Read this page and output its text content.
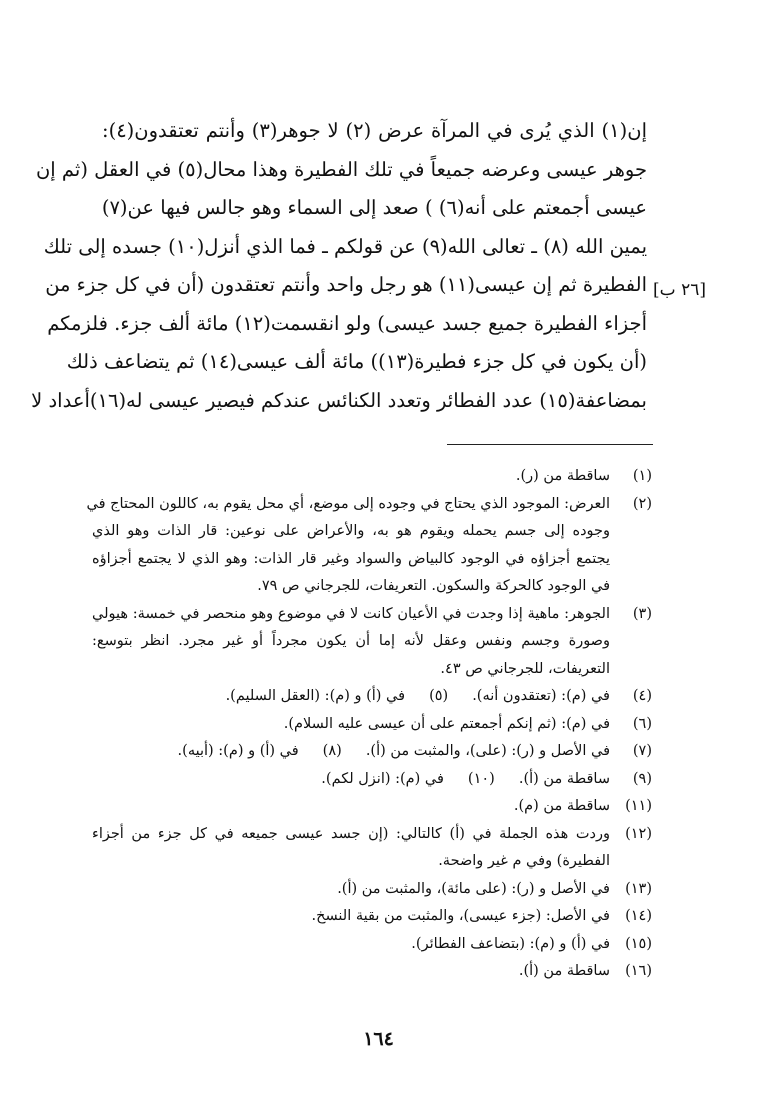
إن(١) الذي يُرى في المرآة عرض (٢) لا جوهر(٣) وأنتم تعتقدون(٤):
جوهر عيسى وعرضه جميعاً في تلك الفطيرة وهذا محال(٥) في العقل (ثم إن
عيسى أجمعتم على أنه(٦) ) صعد إلى السماء وهو جالس فيها عن(٧)
يمين الله (٨) ـ تعالى الله(٩) عن قولكم ـ فما الذي أنزل(١٠) جسده إلى تلك
الفطيرة ثم إن عيسى(١١) هو رجل واحد وأنتم تعتقدون (أن في كل جزء من
أجزاء الفطيرة جميع جسد عيسى) ولو انقسمت(١٢) مائة ألف جزء. فلزمكم
(أن يكون في كل جزء فطيرة(١٣)) مائة ألف عيسى(١٤) ثم يتضاعف ذلك
بمضاعفة(١٥) عدد الفطائر وتعدد الكنائس عندكم فيصير عيسى له(١٦)أعداد لا
[٢٦ ب]
(١)
ساقطة من (ر).
(٢)
العرض: الموجود الذي يحتاج في وجوده إلى موضع، أي محل يقوم به، كاللون المحتاج في
وجوده إلى جسم يحمله ويقوم هو به، والأعراض على نوعين: قار الذات وهو الذي
يجتمع أجزاؤه في الوجود كالبياض والسواد وغير قار الذات: وهو الذي لا يجتمع أجزاؤه
في الوجود كالحركة والسكون. التعريفات، للجرجاني ص ٧٩.
(٣)
الجوهر: ماهية إذا وجدت في الأعيان كانت لا في موضوع وهو منحصر في خمسة: هيولي
وصورة وجسم ونفس وعقل لأنه إما أن يكون مجرداً أو غير مجرد. انظر بتوسع:
التعريفات، للجرجاني ص ٤٣.
(٤)
في (م): (تعتقدون أنه).
(٥)
في (أ) و (م): (العقل السليم).
(٦)
في (م): (ثم إنكم أجمعتم على أن عيسى عليه السلام).
(٧)
في الأصل و (ر): (على)، والمثبت من (أ).
(٨)
في (أ) و (م): (أبيه).
(٩)
ساقطة من (أ).
(١٠)
في (م): (انزل لكم).
(١١)
ساقطة من (م).
(١٢)
وردت هذه الجملة في (أ) كالتالي: (إن جسد عيسى جميعه في كل جزء من أجزاء
الفطيرة) وفي م غير واضحة.
(١٣)
في الأصل و (ر): (على مائة)، والمثبت من (أ).
(١٤)
في الأصل: (جزء عيسى)، والمثبت من بقية النسخ.
(١٥)
في (أ) و (م): (بتضاعف الفطائر).
(١٦)
ساقطة من (أ).
١٦٤
